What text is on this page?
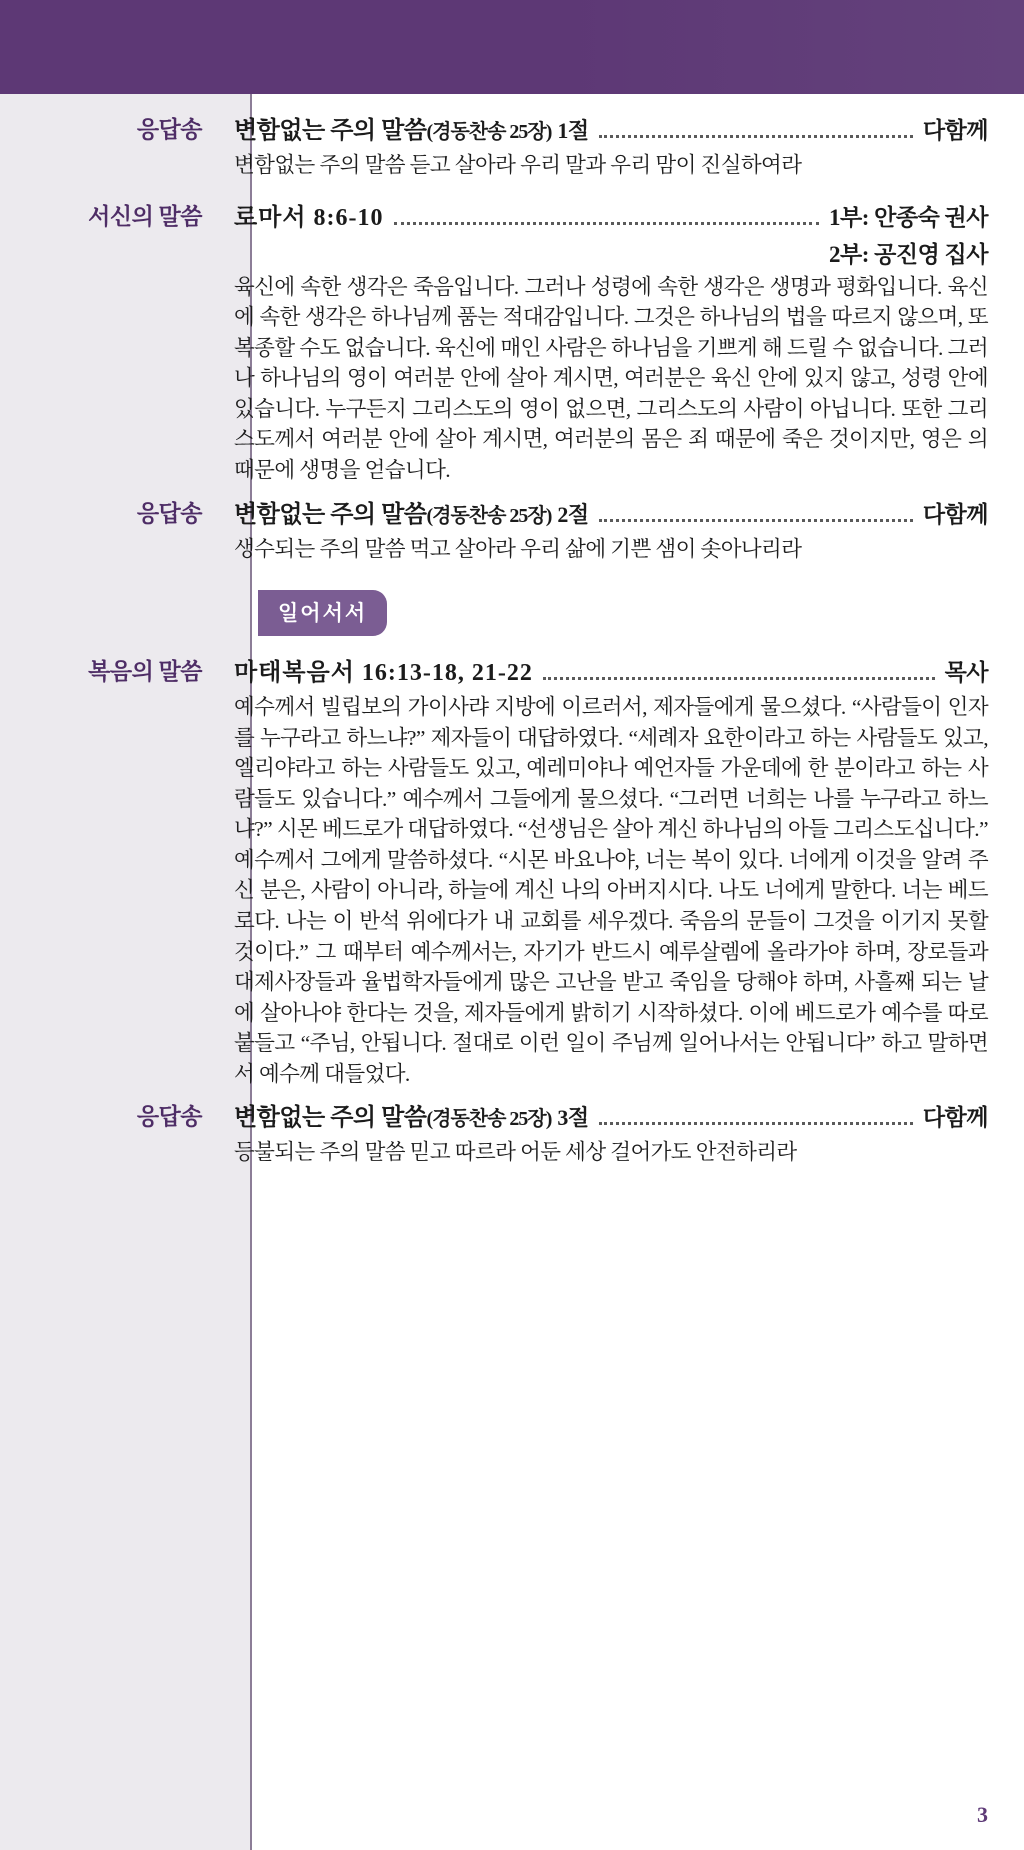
응답송	변함없는 주의 말씀 (경동찬송 25장) 1절	다함께
변함없는 주의 말씀 듣고 살아라 우리 말과 우리 맘이 진실하여라
서신의 말씀	로마서 8:6-10	1부: 안종숙 권사
2부: 공진영 집사
육신에 속한 생각은 죽음입니다. 그러나 성령에 속한 생각은 생명과 평화입니다. 육신에 속한 생각은 하나님께 품는 적대감입니다. 그것은 하나님의 법을 따르지 않으며, 또 복종할 수도 없습니다. 육신에 매인 사람은 하나님을 기쁘게 해 드릴 수 없습니다. 그러나 하나님의 영이 여러분 안에 살아 계시면, 여러분은 육신 안에 있지 않고, 성령 안에 있습니다. 누구든지 그리스도의 영이 없으면, 그리스도의 사람이 아닙니다. 또한 그리스도께서 여러분 안에 살아 계시면, 여러분의 몸은 죄 때문에 죽은 것이지만, 영은 의 때문에 생명을 얻습니다.
응답송	변함없는 주의 말씀 (경동찬송 25장) 2절	다함께
생수되는 주의 말씀 먹고 살아라 우리 삶에 기쁜 샘이 솟아나리라
일어서서
복음의 말씀	마태복음서 16:13-18, 21-22	목사
예수께서 빌립보의 가이사랴 지방에 이르러서, 제자들에게 물으셨다. “사람들이 인자를 누구라고 하느냐?” 제자들이 대답하였다. “세례자 요한이라고 하는 사람들도 있고, 엘리야라고 하는 사람들도 있고, 예레미야나 예언자들 가운데에 한 분이라고 하는 사람들도 있습니다.” 예수께서 그들에게 물으셨다. “그러면 너희는 나를 누구라고 하느냐?” 시몬 베드로가 대답하였다. “선생님은 살아 계신 하나님의 아들 그리스도십니다.” 예수께서 그에게 말씀하셨다. “시몬 바요나야, 너는 복이 있다. 너에게 이것을 알려 주신 분은, 사람이 아니라, 하늘에 계신 나의 아버지시다. 나도 너에게 말한다. 너는 베드로다. 나는 이 반석 위에다가 내 교회를 세우겠다. 죽음의 문들이 그것을 이기지 못할 것이다.” 그 때부터 예수께서는, 자기가 반드시 예루살렘에 올라가야 하며, 장로들과 대제사장들과 율법학자들에게 많은 고난을 받고 죽임을 당해야 하며, 사흘째 되는 날에 살아나야 한다는 것을, 제자들에게 밝히기 시작하셨다. 이에 베드로가 예수를 따로 붙들고 “주님, 안됩니다. 절대로 이런 일이 주님께 일어나서는 안됩니다” 하고 말하면서 예수께 대들었다.
응답송	변함없는 주의 말씀 (경동찬송 25장) 3절	다함께
등불되는 주의 말씀 믿고 따르라 어둔 세상 걸어가도 안전하리라
3
